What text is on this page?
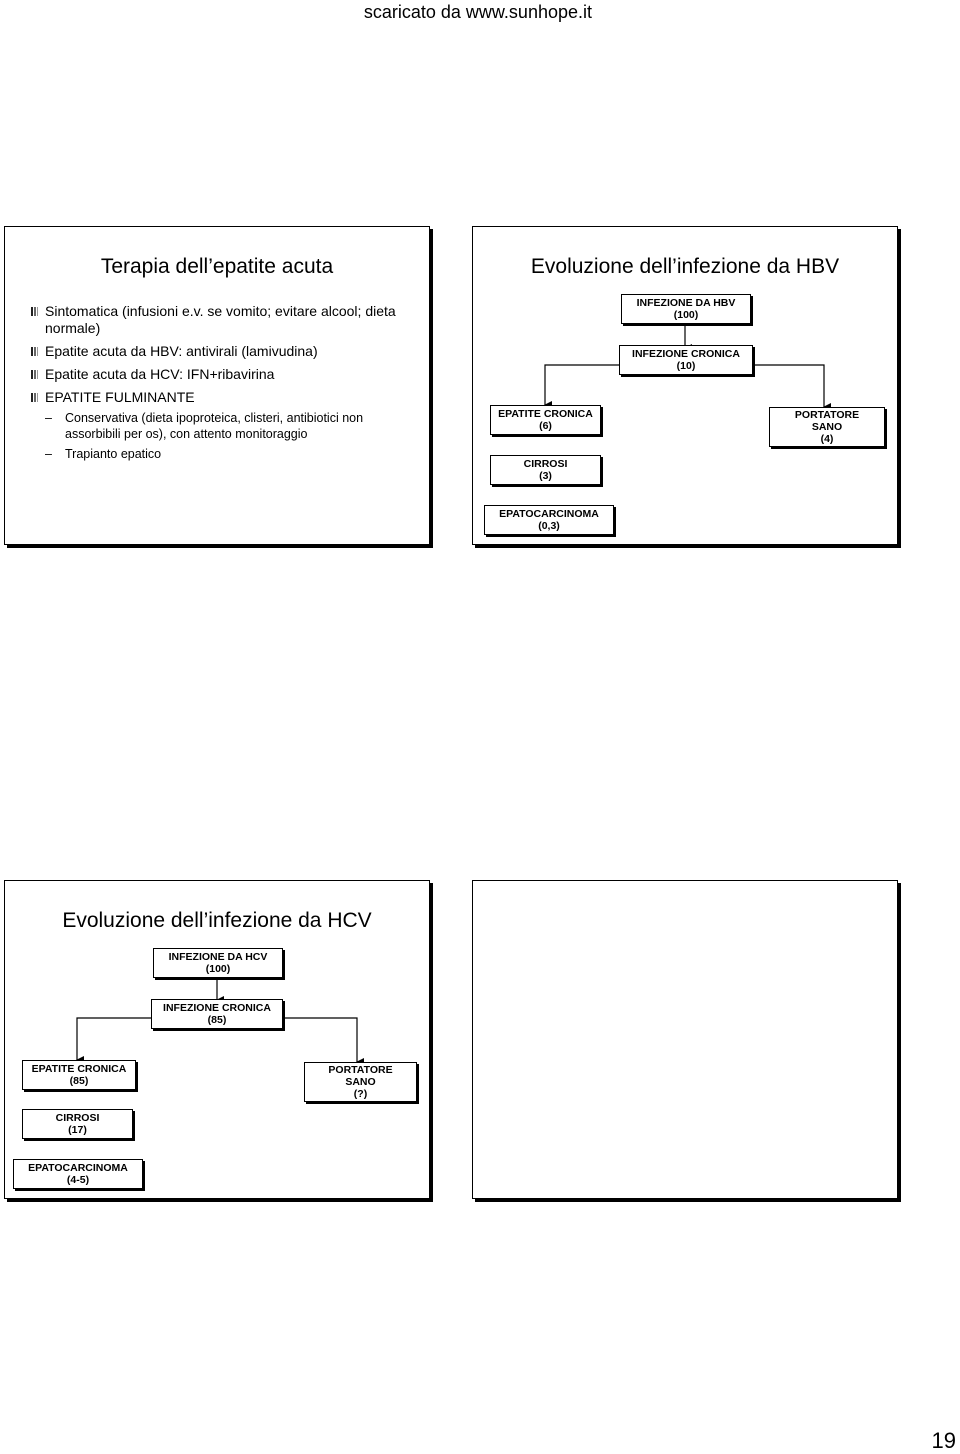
scaricato da www.sunhope.it
Terapia dell’epatite acuta
Sintomatica (infusioni e.v. se vomito; evitare alcool; dieta normale)
Epatite acuta da HBV: antivirali (lamivudina)
Epatite acuta da HCV: IFN+ribavirina
EPATITE FULMINANTE
– Conservativa (dieta ipoproteica, clisteri, antibiotici non assorbibili per os), con attento monitoraggio
– Trapianto epatico
Evoluzione dell’infezione da HBV
INFEZIONE DA HBV
(100)
INFEZIONE CRONICA
(10)
EPATITE CRONICA
(6)
PORTATORE
SANO
(4)
CIRROSI
(3)
EPATOCARCINOMA
(0,3)
Evoluzione dell’infezione da HCV
INFEZIONE DA HCV
(100)
INFEZIONE CRONICA
(85)
EPATITE CRONICA
(85)
PORTATORE
SANO
(?)
CIRROSI
(17)
EPATOCARCINOMA
(4-5)
19
